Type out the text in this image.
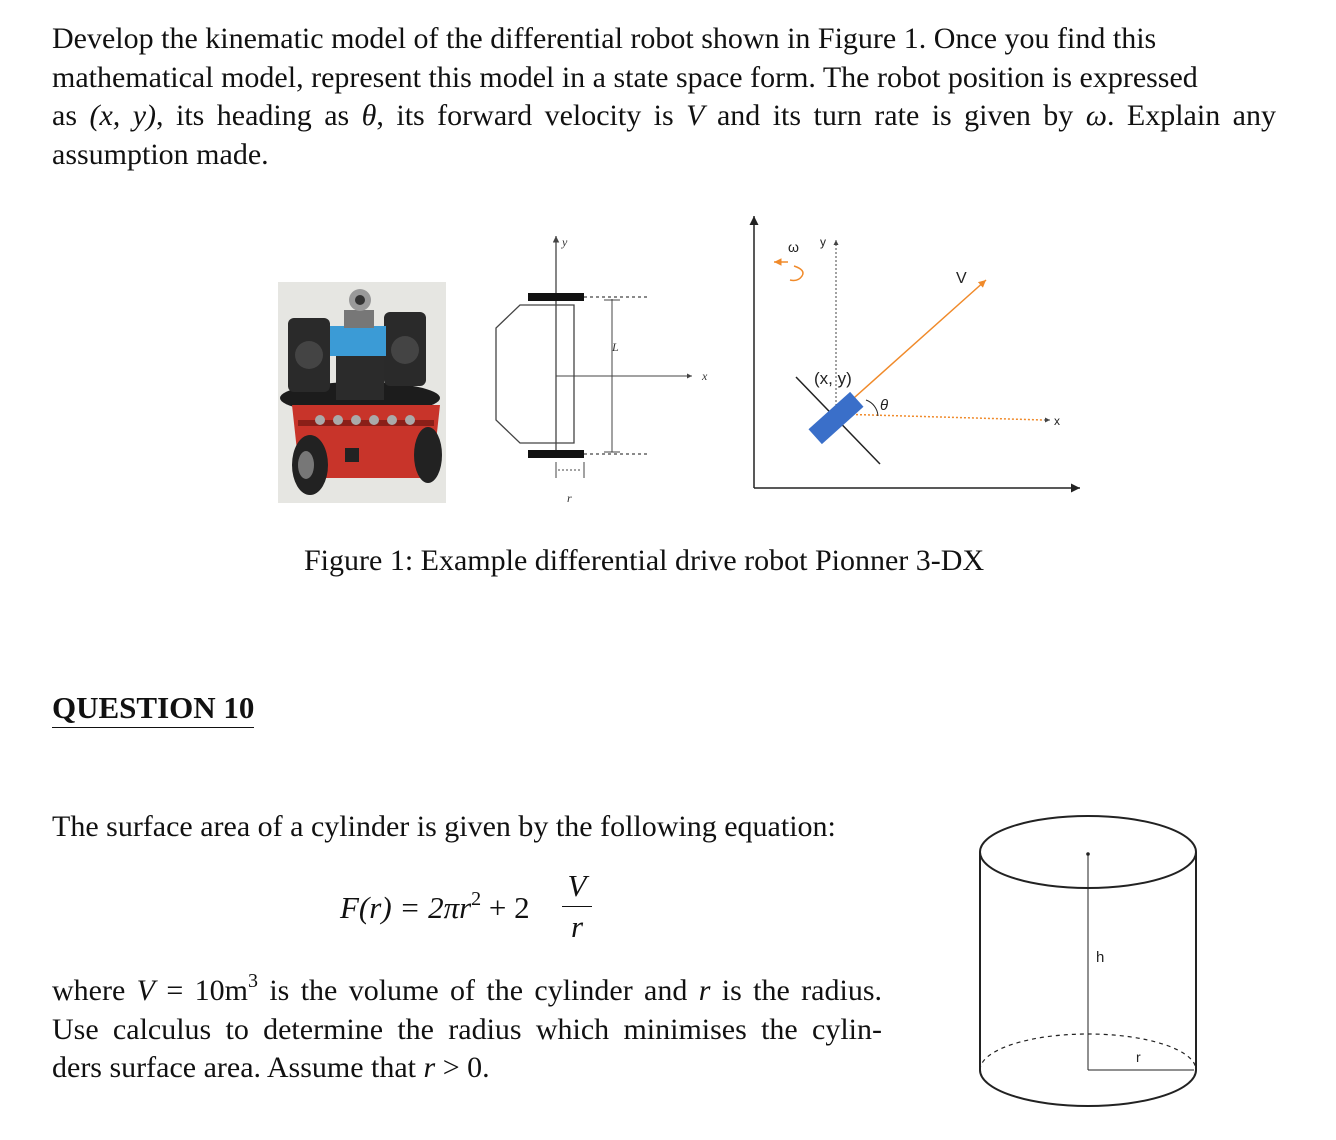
Develop the kinematic model of the differential robot shown in Figure 1. Once you find this
mathematical model, represent this model in a state space form. The robot position is expressed
as (x, y), its heading as θ, its forward velocity is V and its turn rate is given by ω. Explain any
assumption made.
y
x
L
r
ω y
V
(x, y)
θ
x
Figure 1: Example differential drive robot Pionner 3-DX
QUESTION 10
The surface area of a cylinder is given by the following equation:
$F(r) = 2\pi r^2 + 2$
V
r
where $V = 10m^3$ is the volume of the cylinder and r is the radius.
Use calculus to determine the radius which minimises the cylin-
ders surface area. Assume that r > 0.
h
r
